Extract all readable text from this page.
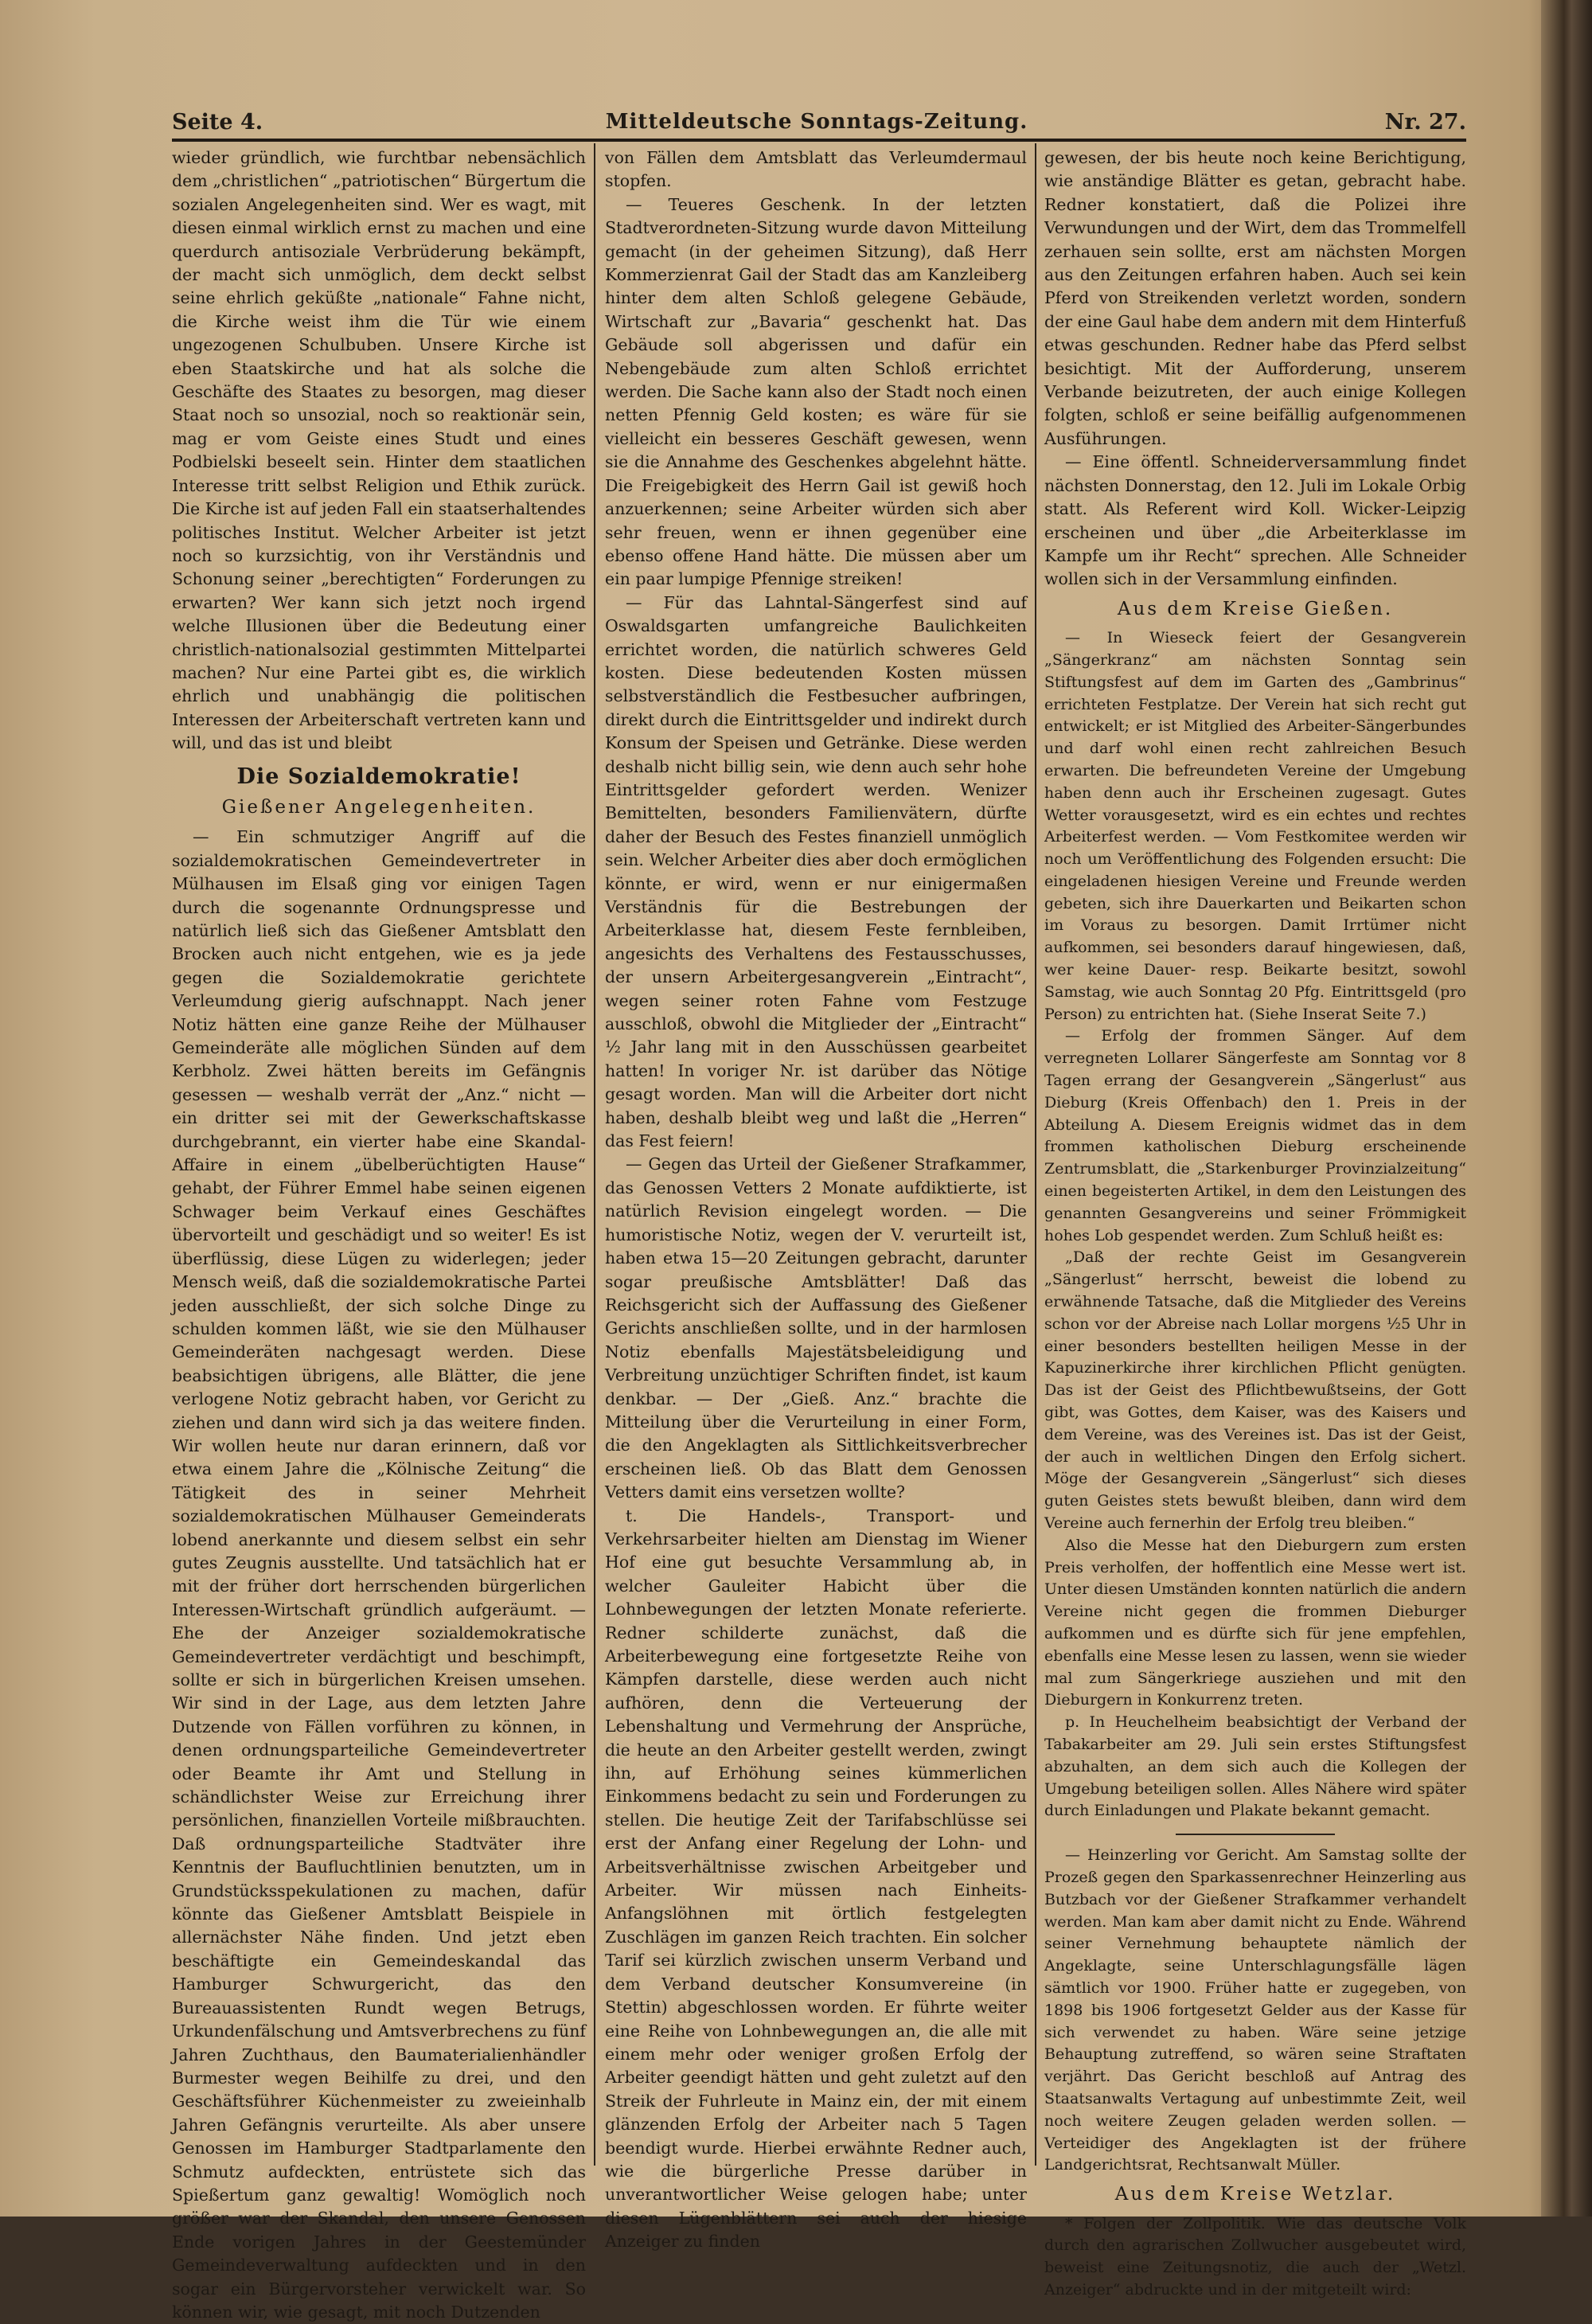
Seite 4.	Mitteldeutsche Sonntags-Zeitung.	Nr. 27.

wieder gründlich, wie furchtbar nebensächlich dem „christlichen“ „patriotischen“ Bürgertum die sozialen Angelegenheiten sind. Wer es wagt, mit diesen einmal wirklich ernst zu machen und eine querdurch antisoziale Verbrüderung bekämpft, der macht sich unmöglich, dem deckt selbst seine ehrlich geküßte „nationale“ Fahne nicht, die Kirche weist ihm die Tür wie einem ungezogenen Schulbuben. Unsere Kirche ist eben Staatskirche und hat als solche die Geschäfte des Staates zu besorgen, mag dieser Staat noch so unsozial, noch so reaktionär sein, mag er vom Geiste eines Studt und eines Podbielski beseelt sein. Hinter dem staatlichen Interesse tritt selbst Religion und Ethik zurück. Die Kirche ist auf jeden Fall ein staatserhaltendes politisches Institut. Welcher Arbeiter ist jetzt noch so kurzsichtig, von ihr Verständnis und Schonung seiner „berechtigten“ Forderungen zu erwarten? Wer kann sich jetzt noch irgend welche Illusionen über die Bedeutung einer christlich-nationalsozial gestimmten Mittelpartei machen? Nur eine Partei gibt es, die wirklich ehrlich und unabhängig die politischen Interessen der Arbeiterschaft vertreten kann und will, und das ist und bleibt

Die Sozialdemokratie!
Gießener Angelegenheiten.

— Ein schmutziger Angriff auf die sozialdemokratischen Gemeindevertreter in Mülhausen im Elsaß ging vor einigen Tagen durch die sogenannte Ordnungspresse und natürlich ließ sich das Gießener Amtsblatt den Brocken auch nicht entgehen, wie es ja jede gegen die Sozialdemokratie gerichtete Verleumdung gierig aufschnappt. Nach jener Notiz hätten eine ganze Reihe der Mülhauser Gemeinderäte alle möglichen Sünden auf dem Kerbholz. Zwei hätten bereits im Gefängnis gesessen — weshalb verrät der „Anz.“ nicht — ein dritter sei mit der Gewerkschaftskasse durchgebrannt, ein vierter habe eine Skandal-Affaire in einem „übelberüchtigten Hause“ gehabt, der Führer Emmel habe seinen eigenen Schwager beim Verkauf eines Geschäftes übervorteilt und geschädigt und so weiter! Es ist überflüssig, diese Lügen zu widerlegen; jeder Mensch weiß, daß die sozialdemokratische Partei jeden ausschließt, der sich solche Dinge zu schulden kommen läßt, wie sie den Mülhauser Gemeinderäten nachgesagt werden. Diese beabsichtigen übrigens, alle Blätter, die jene verlogene Notiz gebracht haben, vor Gericht zu ziehen und dann wird sich ja das weitere finden. Wir wollen heute nur daran erinnern, daß vor etwa einem Jahre die „Kölnische Zeitung“ die Tätigkeit des in seiner Mehrheit sozialdemokratischen Mülhauser Gemeinderats lobend anerkannte und diesem selbst ein sehr gutes Zeugnis ausstellte. Und tatsächlich hat er mit der früher dort herrschenden bürgerlichen Interessen-Wirtschaft gründlich aufgeräumt. — Ehe der Anzeiger sozialdemokratische Gemeindevertreter verdächtigt und beschimpft, sollte er sich in bürgerlichen Kreisen umsehen. Wir sind in der Lage, aus dem letzten Jahre Dutzende von Fällen vorführen zu können, in denen ordnungsparteiliche Gemeindevertreter oder Beamte ihr Amt und Stellung in schändlichster Weise zur Erreichung ihrer persönlichen, finanziellen Vorteile mißbrauchten. Daß ordnungsparteiliche Stadtväter ihre Kenntnis der Baufluchtlinien benutzten, um in Grundstücksspekulationen zu machen, dafür könnte das Gießener Amtsblatt Beispiele in allernächster Nähe finden. Und jetzt eben beschäftigte ein Gemeindeskandal das Hamburger Schwurgericht, das den Bureauassistenten Rundt wegen Betrugs, Urkundenfälschung und Amtsverbrechens zu fünf Jahren Zuchthaus, den Baumaterialienhändler Burmester wegen Beihilfe zu drei, und den Geschäftsführer Küchenmeister zu zweieinhalb Jahren Gefängnis verurteilte. Als aber unsere Genossen im Hamburger Stadtparlamente den Schmutz aufdeckten, entrüstete sich das Spießertum ganz gewaltig! Womöglich noch größer war der Skandal, den unsere Genossen Ende vorigen Jahres in der Geestemünder Gemeindeverwaltung aufdeckten und in den sogar ein Bürgervorsteher verwickelt war. So können wir, wie gesagt, mit noch Dutzenden

von Fällen dem Amtsblatt das Verleumdermaul stopfen.

— Teueres Geschenk. In der letzten Stadtverordneten-Sitzung wurde davon Mitteilung gemacht (in der geheimen Sitzung), daß Herr Kommerzienrat Gail der Stadt das am Kanzleiberg hinter dem alten Schloß gelegene Gebäude, Wirtschaft zur „Bavaria“ geschenkt hat. Das Gebäude soll abgerissen und dafür ein Nebengebäude zum alten Schloß errichtet werden. Die Sache kann also der Stadt noch einen netten Pfennig Geld kosten; es wäre für sie vielleicht ein besseres Geschäft gewesen, wenn sie die Annahme des Geschenkes abgelehnt hätte. Die Freigebigkeit des Herrn Gail ist gewiß hoch anzuerkennen; seine Arbeiter würden sich aber sehr freuen, wenn er ihnen gegenüber eine ebenso offene Hand hätte. Die müssen aber um ein paar lumpige Pfennige streiken!

— Für das Lahntal-Sängerfest sind auf Oswaldsgarten umfangreiche Baulichkeiten errichtet worden, die natürlich schweres Geld kosten. Diese bedeutenden Kosten müssen selbstverständlich die Festbesucher aufbringen, direkt durch die Eintrittsgelder und indirekt durch Konsum der Speisen und Getränke. Diese werden deshalb nicht billig sein, wie denn auch sehr hohe Eintrittsgelder gefordert werden. Wenizer Bemittelten, besonders Familienvätern, dürfte daher der Besuch des Festes finanziell unmöglich sein. Welcher Arbeiter dies aber doch ermöglichen könnte, er wird, wenn er nur einigermaßen Verständnis für die Bestrebungen der Arbeiterklasse hat, diesem Feste fernbleiben, angesichts des Verhaltens des Festausschusses, der unsern Arbeitergesangverein „Eintracht“, wegen seiner roten Fahne vom Festzuge ausschloß, obwohl die Mitglieder der „Eintracht“ ½ Jahr lang mit in den Ausschüssen gearbeitet hatten! In voriger Nr. ist darüber das Nötige gesagt worden. Man will die Arbeiter dort nicht haben, deshalb bleibt weg und laßt die „Herren“ das Fest feiern!

— Gegen das Urteil der Gießener Strafkammer, das Genossen Vetters 2 Monate aufdiktierte, ist natürlich Revision eingelegt worden. — Die humoristische Notiz, wegen der V. verurteilt ist, haben etwa 15—20 Zeitungen gebracht, darunter sogar preußische Amtsblätter! Daß das Reichsgericht sich der Auffassung des Gießener Gerichts anschließen sollte, und in der harmlosen Notiz ebenfalls Majestätsbeleidigung und Verbreitung unzüchtiger Schriften findet, ist kaum denkbar. — Der „Gieß. Anz.“ brachte die Mitteilung über die Verurteilung in einer Form, die den Angeklagten als Sittlichkeitsverbrecher erscheinen ließ. Ob das Blatt dem Genossen Vetters damit eins versetzen wollte?

t. Die Handels-, Transport- und Verkehrsarbeiter hielten am Dienstag im Wiener Hof eine gut besuchte Versammlung ab, in welcher Gauleiter Habicht über die Lohnbewegungen der letzten Monate referierte. Redner schilderte zunächst, daß die Arbeiterbewegung eine fortgesetzte Reihe von Kämpfen darstelle, diese werden auch nicht aufhören, denn die Verteuerung der Lebenshaltung und Vermehrung der Ansprüche, die heute an den Arbeiter gestellt werden, zwingt ihn, auf Erhöhung seines kümmerlichen Einkommens bedacht zu sein und Forderungen zu stellen. Die heutige Zeit der Tarifabschlüsse sei erst der Anfang einer Regelung der Lohn- und Arbeitsverhältnisse zwischen Arbeitgeber und Arbeiter. Wir müssen nach Einheits-Anfangslöhnen mit örtlich festgelegten Zuschlägen im ganzen Reich trachten. Ein solcher Tarif sei kürzlich zwischen unserm Verband und dem Verband deutscher Konsumvereine (in Stettin) abgeschlossen worden. Er führte weiter eine Reihe von Lohnbewegungen an, die alle mit einem mehr oder weniger großen Erfolg der Arbeiter geendigt hätten und geht zuletzt auf den Streik der Fuhrleute in Mainz ein, der mit einem glänzenden Erfolg der Arbeiter nach 5 Tagen beendigt wurde. Hierbei erwähnte Redner auch, wie die bürgerliche Presse darüber in unverantwortlicher Weise gelogen habe; unter diesen Lügenblättern sei auch der hiesige Anzeiger zu finden

gewesen, der bis heute noch keine Berichtigung, wie anständige Blätter es getan, gebracht habe. Redner konstatiert, daß die Polizei ihre Verwundungen und der Wirt, dem das Trommelfell zerhauen sein sollte, erst am nächsten Morgen aus den Zeitungen erfahren haben. Auch sei kein Pferd von Streikenden verletzt worden, sondern der eine Gaul habe dem andern mit dem Hinterfuß etwas geschunden. Redner habe das Pferd selbst besichtigt. Mit der Aufforderung, unserem Verbande beizutreten, der auch einige Kollegen folgten, schloß er seine beifällig aufgenommenen Ausführungen.

— Eine öffentl. Schneiderversammlung findet nächsten Donnerstag, den 12. Juli im Lokale Orbig statt. Als Referent wird Koll. Wicker-Leipzig erscheinen und über „die Arbeiterklasse im Kampfe um ihr Recht“ sprechen. Alle Schneider wollen sich in der Versammlung einfinden.

Aus dem Kreise Gießen.

— In Wieseck feiert der Gesangverein „Sängerkranz“ am nächsten Sonntag sein Stiftungsfest auf dem im Garten des „Gambrinus“ errichteten Festplatze. Der Verein hat sich recht gut entwickelt; er ist Mitglied des Arbeiter-Sängerbundes und darf wohl einen recht zahlreichen Besuch erwarten. Die befreundeten Vereine der Umgebung haben denn auch ihr Erscheinen zugesagt. Gutes Wetter vorausgesetzt, wird es ein echtes und rechtes Arbeiterfest werden. — Vom Festkomitee werden wir noch um Veröffentlichung des Folgenden ersucht: Die eingeladenen hiesigen Vereine und Freunde werden gebeten, sich ihre Dauerkarten und Beikarten schon im Voraus zu besorgen. Damit Irrtümer nicht aufkommen, sei besonders darauf hingewiesen, daß, wer keine Dauer- resp. Beikarte besitzt, sowohl Samstag, wie auch Sonntag 20 Pfg. Eintrittsgeld (pro Person) zu entrichten hat. (Siehe Inserat Seite 7.)

— Erfolg der frommen Sänger. Auf dem verregneten Lollarer Sängerfeste am Sonntag vor 8 Tagen errang der Gesangverein „Sängerlust“ aus Dieburg (Kreis Offenbach) den 1. Preis in der Abteilung A. Diesem Ereignis widmet das in dem frommen katholischen Dieburg erscheinende Zentrumsblatt, die „Starkenburger Provinzialzeitung“ einen begeisterten Artikel, in dem den Leistungen des genannten Gesangvereins und seiner Frömmigkeit hohes Lob gespendet werden. Zum Schluß heißt es:

„Daß der rechte Geist im Gesangverein „Sängerlust“ herrscht, beweist die lobend zu erwähnende Tatsache, daß die Mitglieder des Vereins schon vor der Abreise nach Lollar morgens ½5 Uhr in einer besonders bestellten heiligen Messe in der Kapuzinerkirche ihrer kirchlichen Pflicht genügten. Das ist der Geist des Pflichtbewußtseins, der Gott gibt, was Gottes, dem Kaiser, was des Kaisers und dem Vereine, was des Vereines ist. Das ist der Geist, der auch in weltlichen Dingen den Erfolg sichert. Möge der Gesangverein „Sängerlust“ sich dieses guten Geistes stets bewußt bleiben, dann wird dem Vereine auch fernerhin der Erfolg treu bleiben.“

Also die Messe hat den Dieburgern zum ersten Preis verholfen, der hoffentlich eine Messe wert ist. Unter diesen Umständen konnten natürlich die andern Vereine nicht gegen die frommen Dieburger aufkommen und es dürfte sich für jene empfehlen, ebenfalls eine Messe lesen zu lassen, wenn sie wieder mal zum Sängerkriege ausziehen und mit den Dieburgern in Konkurrenz treten.

p. In Heuchelheim beabsichtigt der Verband der Tabakarbeiter am 29. Juli sein erstes Stiftungsfest abzuhalten, an dem sich auch die Kollegen der Umgebung beteiligen sollen. Alles Nähere wird später durch Einladungen und Plakate bekannt gemacht.

— Heinzerling vor Gericht. Am Samstag sollte der Prozeß gegen den Sparkassenrechner Heinzerling aus Butzbach vor der Gießener Strafkammer verhandelt werden. Man kam aber damit nicht zu Ende. Während seiner Vernehmung behauptete nämlich der Angeklagte, seine Unterschlagungsfälle lägen sämtlich vor 1900. Früher hatte er zugegeben, von 1898 bis 1906 fortgesetzt Gelder aus der Kasse für sich verwendet zu haben. Wäre seine jetzige Behauptung zutreffend, so wären seine Straftaten verjährt. Das Gericht beschloß auf Antrag des Staatsanwalts Vertagung auf unbestimmte Zeit, weil noch weitere Zeugen geladen werden sollen. — Verteidiger des Angeklagten ist der frühere Landgerichtsrat, Rechtsanwalt Müller.

Aus dem Kreise Wetzlar.

* Folgen der Zollpolitik. Wie das deutsche Volk durch den agrarischen Zollwucher ausgebeutet wird, beweist eine Zeitungsnotiz, die auch der „Wetzl. Anzeiger“ abdruckte und in der mitgeteilt wird:
